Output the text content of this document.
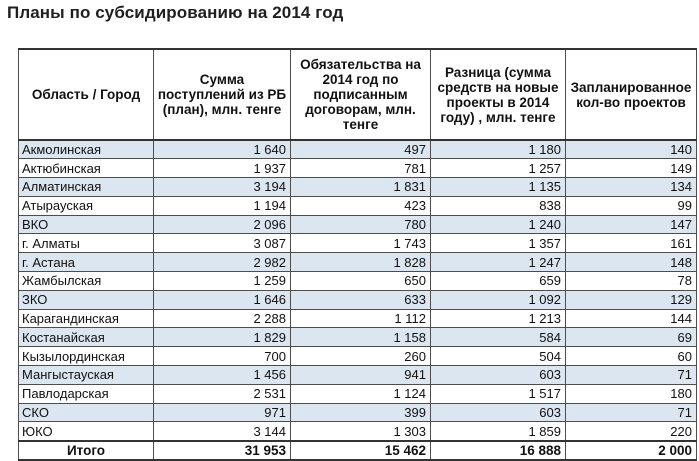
Планы по субсидированию на 2014 год
Область / Город	Сумма поступлений из РБ (план), млн. тенге	Обязательства на 2014 год по подписанным договорам, млн. тенге	Разница (сумма средств на новые проекты в 2014 году) , млн. тенге	Запланированное кол-во проектов
Акмолинская	1 640	497	1 180	140
Актюбинская	1 937	781	1 257	149
Алматинская	3 194	1 831	1 135	134
Атырауская	1 194	423	838	99
ВКО	2 096	780	1 240	147
г. Алматы	3 087	1 743	1 357	161
г. Астана	2 982	1 828	1 247	148
Жамбылская	1 259	650	659	78
ЗКО	1 646	633	1 092	129
Карагандинская	2 288	1 112	1 213	144
Костанайская	1 829	1 158	584	69
Кызылординская	700	260	504	60
Мангыстауская	1 456	941	603	71
Павлодарская	2 531	1 124	1 517	180
СКО	971	399	603	71
ЮКО	3 144	1 303	1 859	220
Итого	31 953	15 462	16 888	2 000
